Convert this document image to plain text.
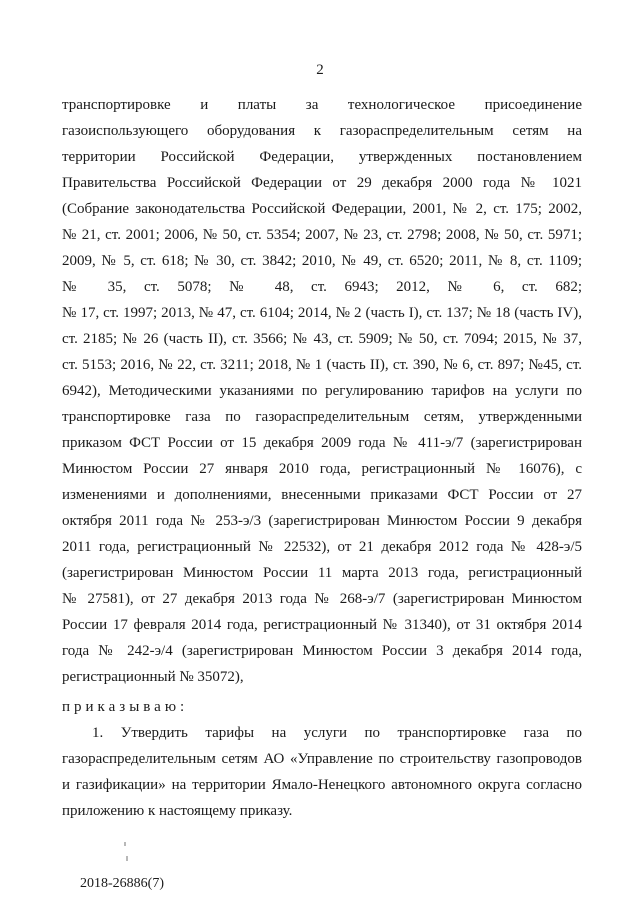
2
транспортировке и платы за технологическое присоединение
газоиспользующего оборудования к газораспределительным сетям на
территории Российской Федерации, утвержденных постановлением
Правительства Российской Федерации от 29 декабря 2000 года № 1021
(Собрание законодательства Российской Федерации, 2001, № 2, ст. 175; 2002,
№ 21, ст. 2001; 2006, № 50, ст. 5354; 2007, № 23, ст. 2798; 2008, № 50, ст. 5971;
2009, № 5, ст. 618; № 30, ст. 3842; 2010, № 49, ст. 6520; 2011, № 8, ст. 1109;
№ 35, ст. 5078; № 48, ст. 6943; 2012, № 6, ст. 682;
№ 17, ст. 1997; 2013, № 47, ст. 6104; 2014, № 2 (часть I), ст. 137; № 18 (часть IV),
ст. 2185; № 26 (часть II), ст. 3566; № 43, ст. 5909; № 50, ст. 7094; 2015, № 37,
ст. 5153; 2016, № 22, ст. 3211; 2018, № 1 (часть II), ст. 390, № 6, ст. 897; №45, ст.
6942), Методическими указаниями по регулированию тарифов на услуги по
транспортировке газа по газораспределительным сетям, утвержденными
приказом ФСТ России от 15 декабря 2009 года № 411-э/7 (зарегистрирован
Минюстом России 27 января 2010 года, регистрационный № 16076), с
изменениями и дополнениями, внесенными приказами ФСТ России от 27
октября 2011 года № 253-э/3 (зарегистрирован Минюстом России 9 декабря
2011 года, регистрационный № 22532), от 21 декабря 2012 года № 428-э/5
(зарегистрирован Минюстом России 11 марта 2013 года, регистрационный
№ 27581), от 27 декабря 2013 года № 268-э/7 (зарегистрирован Минюстом
России 17 февраля 2014 года, регистрационный № 31340), от 31 октября 2014
года № 242-э/4 (зарегистрирован Минюстом России 3 декабря 2014 года,
регистрационный № 35072),
приказываю:
1. Утвердить тарифы на услуги по транспортировке газа по
газораспределительным сетям АО «Управление по строительству газопроводов
и газификации» на территории Ямало-Ненецкого автономного округа согласно
приложению к настоящему приказу.
2018-26886(7)
